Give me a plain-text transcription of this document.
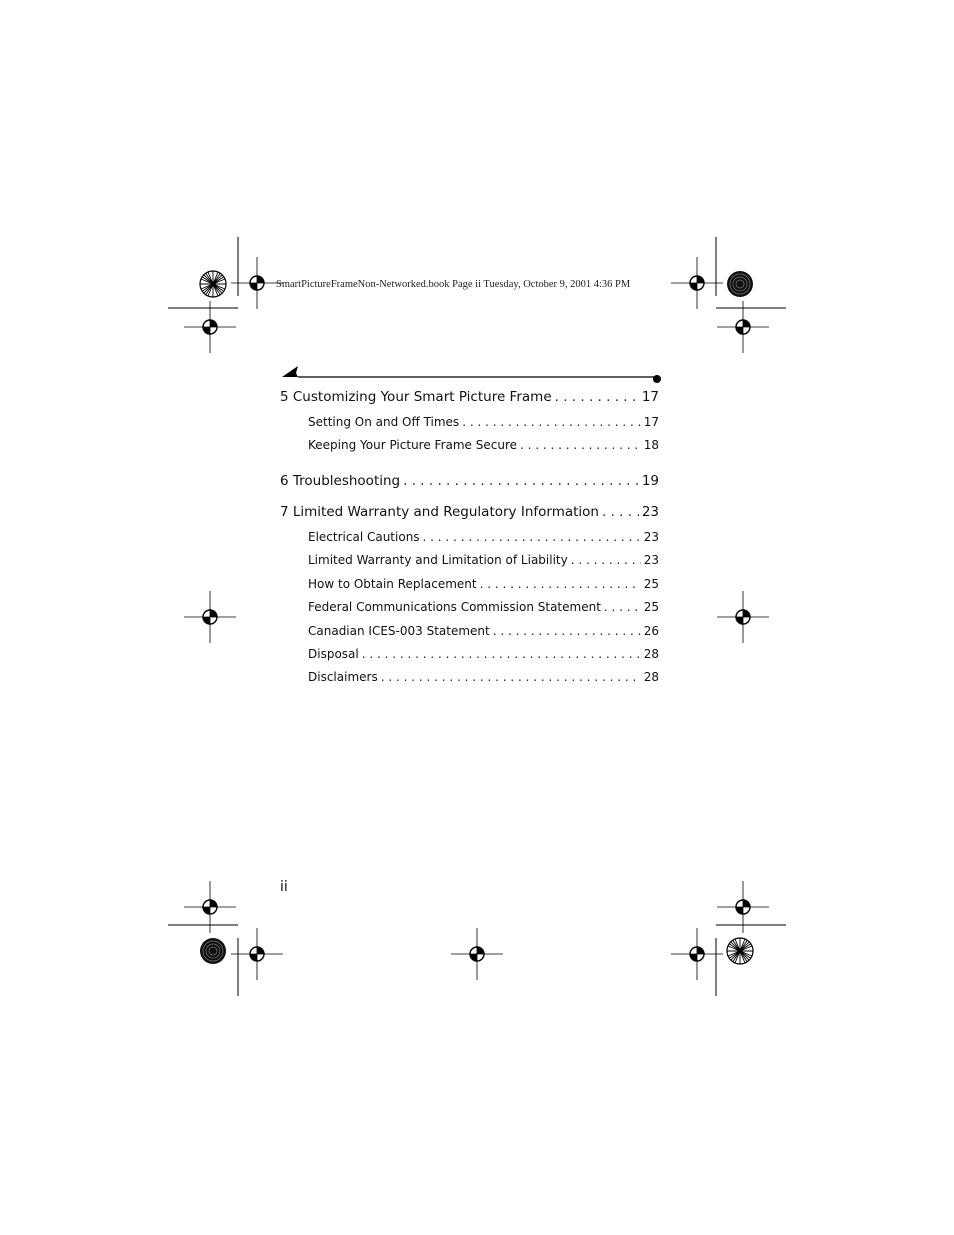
SmartPictureFrameNon-Networked.book Page ii Tuesday, October 9, 2001 4:36 PM
5 Customizing Your Smart Picture Frame . . .	17
Setting On and Off Times . . .	17
Keeping Your Picture Frame Secure . . .	18
6 Troubleshooting . . .	19
7 Limited Warranty and Regulatory Information . . .	23
Electrical Cautions . . .	23
Limited Warranty and Limitation of Liability . . .	23
How to Obtain Replacement . . .	25
Federal Communications Commission Statement . . .	25
Canadian ICES-003 Statement . . .	26
Disposal . . .	28
Disclaimers . . .	28
ii
